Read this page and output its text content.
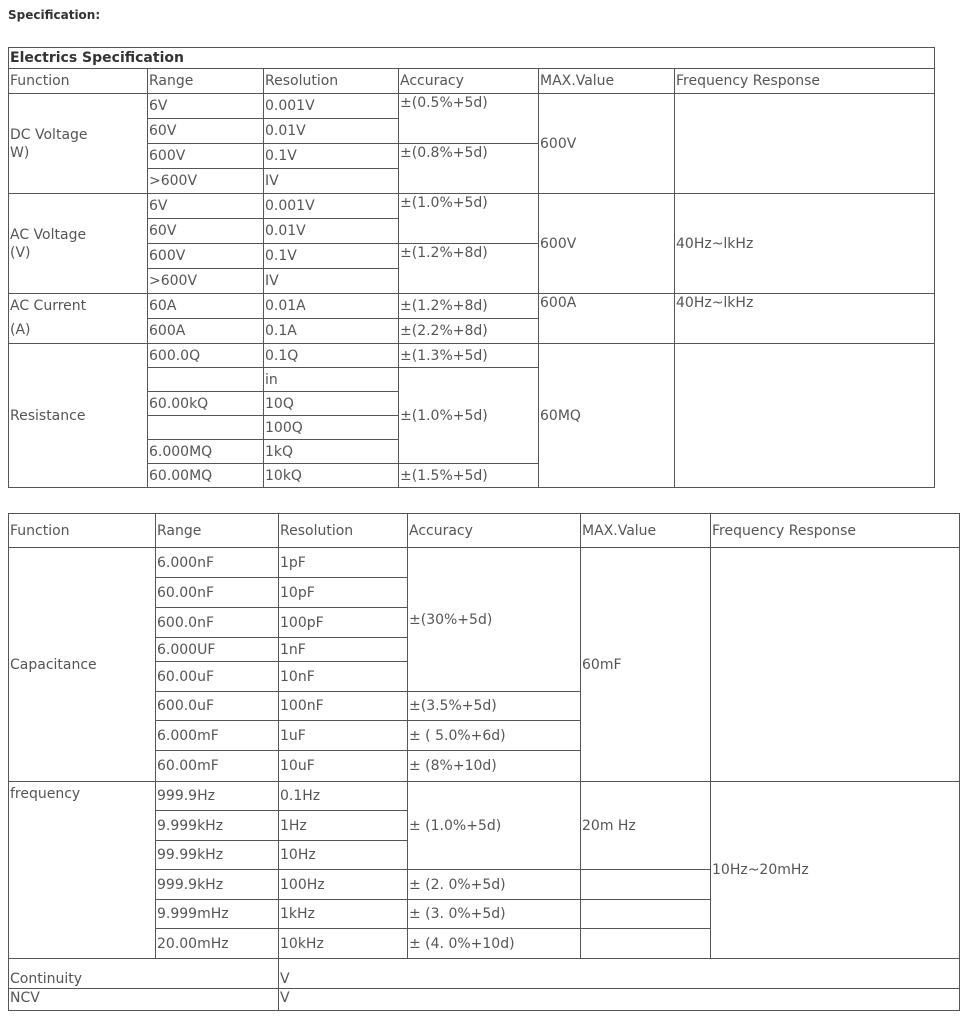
Specification:
Electrics Specification					
Function	Range	Resolution	Accuracy	MAX.Value	Frequency Response
DC Voltage
W)	6V	0.001V	±(0.5%+5d)	600V	
	60V	0.01V			
	600V	0.1V	±(0.8%+5d)		
	>600V	IV			
AC Voltage
(V)	6V	0.001V	±(1.0%+5d)	600V	40Hz~lkHz
	60V	0.01V			
	600V	0.1V	±(1.2%+8d)		
	>600V	IV			
AC Current
(A)	60A	0.01A	±(1.2%+8d)	600A	40Hz~lkHz
	600A	0.1A	±(2.2%+8d)		
Resistance	600.0Q	0.1Q	±(1.3%+5d)	60MQ	
		in	±(1.0%+5d)		
	60.00kQ	10Q			
		100Q			
	6.000MQ	1kQ			
	60.00MQ	10kQ	±(1.5%+5d)		
Function	Range	Resolution	Accuracy	MAX.Value	Frequency Response
Capacitance	6.000nF	1pF	±(30%+5d)	60mF	
	60.00nF	10pF			
	600.0nF	100pF			
	6.000UF	1nF			
	60.00uF	10nF			
	600.0uF	100nF	±(3.5%+5d)		
	6.000mF	1uF	± ( 5.0%+6d)		
	60.00mF	10uF	± (8%+10d)		
frequency	999.9Hz	0.1Hz	± (1.0%+5d)	20m Hz	10Hz~20mHz
	9.999kHz	1Hz			
	99.99kHz	10Hz			
	999.9kHz	100Hz	± (2. 0%+5d)		
	9.999mHz	1kHz	± (3. 0%+5d)		
	20.00mHz	10kHz	± (4. 0%+10d)		
Continuity		V			
NCV		V			
